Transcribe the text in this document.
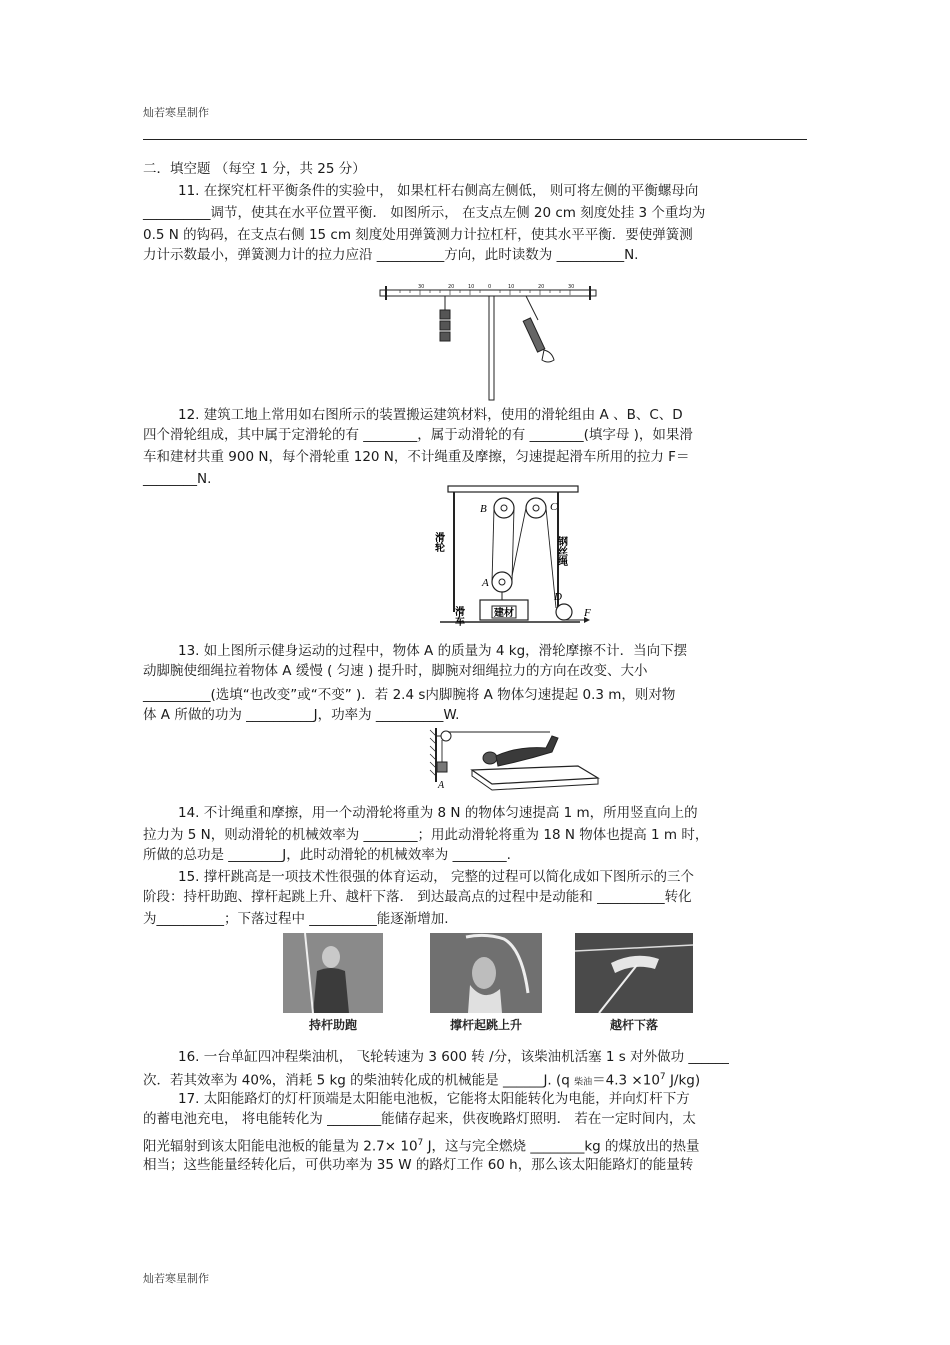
灿若寒星制作
灿若寒星制作
二．填空题 （每空 1 分，共 25 分）
11. 在探究杠杆平衡条件的实验中， 如果杠杆右侧高左侧低， 则可将左侧的平衡螺母向
__________调节，使其在水平位置平衡． 如图所示， 在支点左侧 20 cm 刻度处挂 3 个重均为
0.5 N 的钩码，在支点右侧 15 cm 刻度处用弹簧测力计拉杠杆，使其水平平衡．要使弹簧测
力计示数最小，弹簧测力计的拉力应沿 __________方向，此时读数为 __________N.
30	20	10	0	10	20	30
12. 建筑工地上常用如右图所示的装置搬运建筑材料，使用的滑轮组由 A 、B、C、D
四个滑轮组成，其中属于定滑轮的有 ________，属于动滑轮的有 ________(填字母 )，如果滑
车和建材共重 900 N，每个滑轮重 120 N，不计绳重及摩擦，匀速提起滑车所用的拉力 F＝
________N.
B	C
A
D
F
滑轮	钢丝绳
滑车	建材
13. 如上图所示健身运动的过程中，物体 A 的质量为 4 kg，滑轮摩擦不计．当向下摆
动脚腕使细绳拉着物体 A 缓慢 ( 匀速 ) 提升时，脚腕对细绳拉力的方向在改变、大小
__________(选填“也改变”或“不变” )．若 2.4 s内脚腕将 A 物体匀速提起 0.3 m，则对物
体 A 所做的功为 __________J，功率为 __________W.
A
14. 不计绳重和摩擦，用一个动滑轮将重为 8 N 的物体匀速提高 1 m，所用竖直向上的
拉力为 5 N，则动滑轮的机械效率为 ________；用此动滑轮将重为 18 N 物体也提高 1 m 时，
所做的总功是 ________J，此时动滑轮的机械效率为 ________.
15. 撑杆跳高是一项技术性很强的体育运动， 完整的过程可以简化成如下图所示的三个
阶段：持杆助跑、撑杆起跳上升、越杆下落． 到达最高点的过程中是动能和 __________转化
为__________；下落过程中 __________能逐渐增加.
持杆助跑	撑杆起跳上升	越杆下落
16. 一台单缸四冲程柴油机， 飞轮转速为 3 600 转 /分，该柴油机活塞 1 s 对外做功 ______
次．若其效率为 40%，消耗 5 kg 的柴油转化成的机械能是 ______J. (q 柴油$=4.3 \times 10^7$ J/kg)
17. 太阳能路灯的灯杆顶端是太阳能电池板，它能将太阳能转化为电能，并向灯杆下方
的蓄电池充电， 将电能转化为 ________能储存起来，供夜晚路灯照明． 若在一定时间内，太
阳光辐射到该太阳能电池板的能量为 $2.7\times 10^7$ J，这与完全燃烧 ________kg 的煤放出的热量
相当；这些能量经转化后，可供功率为 35 W 的路灯工作 60 h，那么该太阳能路灯的能量转
